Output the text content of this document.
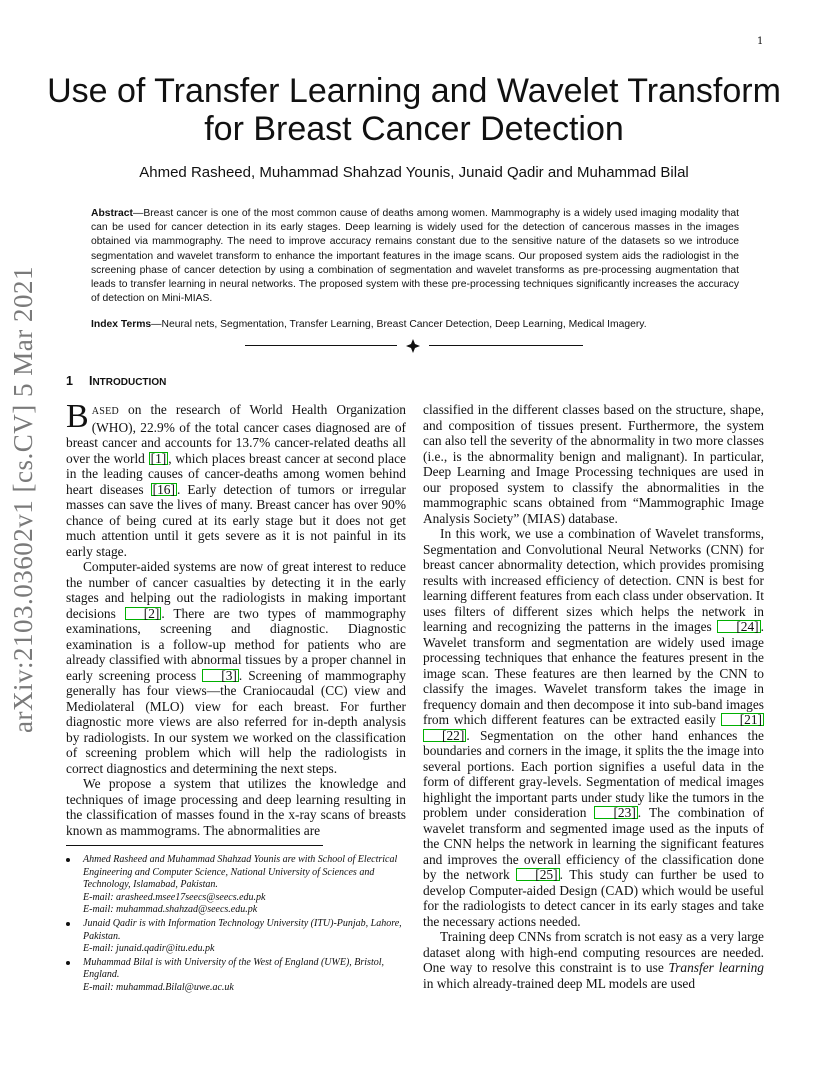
1
arXiv:2103.03602v1 [cs.CV] 5 Mar 2021
Use of Transfer Learning and Wavelet Transform for Breast Cancer Detection
Ahmed Rasheed, Muhammad Shahzad Younis, Junaid Qadir and Muhammad Bilal

Abstract—Breast cancer is one of the most common cause of deaths among women. Mammography is a widely used imaging modality that can be used for cancer detection in its early stages. Deep learning is widely used for the detection of cancerous masses in the images obtained via mammography. The need to improve accuracy remains constant due to the sensitive nature of the datasets so we introduce segmentation and wavelet transform to enhance the important features in the image scans. Our proposed system aids the radiologist in the screening phase of cancer detection by using a combination of segmentation and wavelet transforms as pre-processing augmentation that leads to transfer learning in neural networks. The proposed system with these pre-processing techniques significantly increases the accuracy of detection on Mini-MIAS.

Index Terms—Neural nets, Segmentation, Transfer Learning, Breast Cancer Detection, Deep Learning, Medical Imagery.

1 INTRODUCTION

BASED on the research of World Health Organization (WHO), 22.9% of the total cancer cases diagnosed are of breast cancer and accounts for 13.7% cancer-related deaths all over the world [1] , which places breast cancer at second place in the leading causes of cancer-deaths among women behind heart diseases [16] . Early detection of tumors or irregular masses can save the lives of many. Breast cancer has over 90% chance of being cured at its early stage but it does not get much attention until it gets severe as it is not painful in its early stage.

Computer-aided systems are now of great interest to reduce the number of cancer casualties by detecting it in the early stages and helping out the radiologists in making important decisions [2] . There are two types of mammography examinations, screening and diagnostic. Diagnostic examination is a follow-up method for patients who are already classified with abnormal tissues by a proper channel in early screening process [3] . Screening of mammography generally has four views—the Craniocaudal (CC) view and Mediolateral (MLO) view for each breast. For further diagnostic more views are also referred for in-depth analysis by radiologists. In our system we worked on the classification of screening problem which will help the radiologists in correct diagnostics and determining the next steps.

We propose a system that utilizes the knowledge and techniques of image processing and deep learning resulting in the classification of masses found in the x-ray scans of breasts known as mammograms. The abnormalities are

Ahmed Rasheed and Muhammad Shahzad Younis are with School of Electrical Engineering and Computer Science, National University of Sciences and Technology, Islamabad, Pakistan.
E-mail: arasheed.msee17seecs@seecs.edu.pk
E-mail: muhammad.shahzad@seecs.edu.pk
Junaid Qadir is with Information Technology University (ITU)-Punjab, Lahore, Pakistan.
E-mail: junaid.qadir@itu.edu.pk
Muhammad Bilal is with University of the West of England (UWE), Bristol, England.
E-mail: muhammad.Bilal@uwe.ac.uk

classified in the different classes based on the structure, shape, and composition of tissues present. Furthermore, the system can also tell the severity of the abnormality in two more classes (i.e., is the abnormality benign and malignant). In particular, Deep Learning and Image Processing techniques are used in our proposed system to classify the abnormalities in the mammographic scans obtained from “Mammographic Image Analysis Society” (MIAS) database.

In this work, we use a combination of Wavelet transforms, Segmentation and Convolutional Neural Networks (CNN) for breast cancer abnormality detection, which provides promising results with increased efficiency of detection. CNN is best for learning different features from each class under observation. It uses filters of different sizes which helps the network in learning and recognizing the patterns in the images [24] . Wavelet transform and segmentation are widely used image processing techniques that enhance the features present in the image scan. These features are then learned by the CNN to classify the images. Wavelet transform takes the image in frequency domain and then decompose it into sub-band images from which different features can be extracted easily [21] [22] . Segmentation on the other hand enhances the boundaries and corners in the image, it splits the the image into several portions. Each portion signifies a useful data in the form of different gray-levels. Segmentation of medical images highlight the important parts under study like the tumors in the problem under consideration [23] . The combination of wavelet transform and segmented image used as the inputs of the CNN helps the network in learning the significant features and improves the overall efficiency of the classification done by the network [25] . This study can further be used to develop Computer-aided Design (CAD) which would be useful for the radiologists to detect cancer in its early stages and take the necessary actions needed.

Training deep CNNs from scratch is not easy as a very large dataset along with high-end computing resources are needed. One way to resolve this constraint is to use Transfer learning in which already-trained deep ML models are used
